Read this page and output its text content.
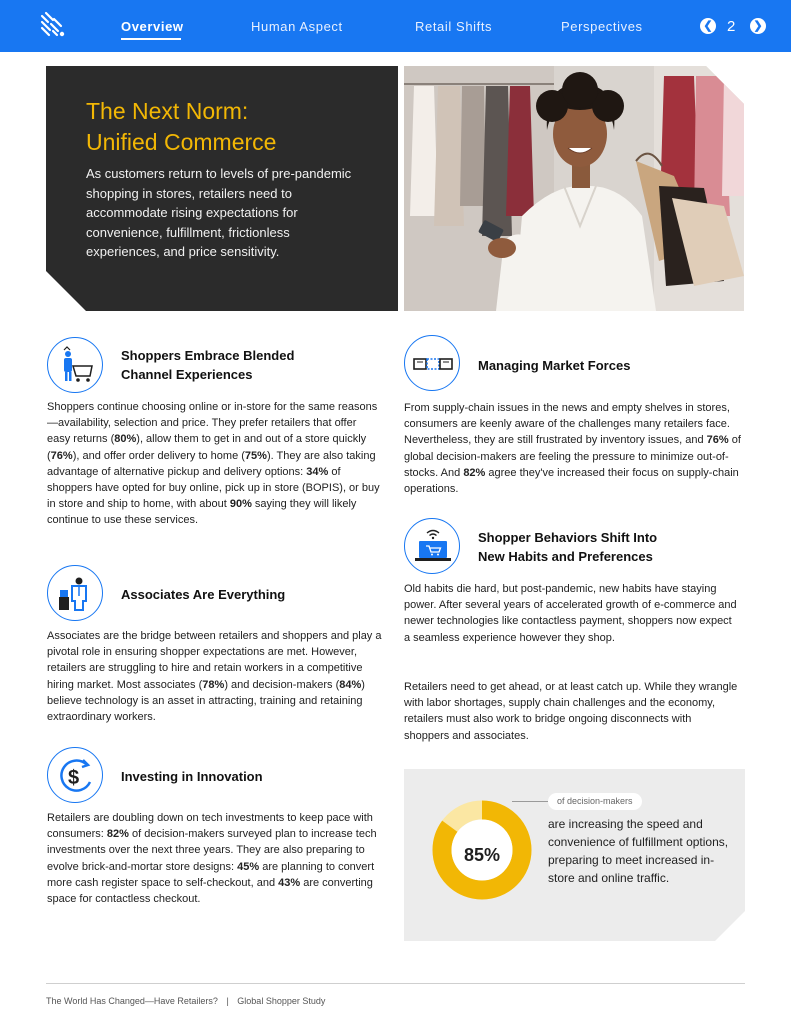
Overview	Human Aspect	Retail Shifts	Perspectives	❮ 2	❯
The Next Norm:
Unified Commerce

As customers return to levels of pre-pandemic shopping in stores, retailers need to accommodate rising expectations for convenience, fulfillment, frictionless experiences, and price sensitivity.

Shoppers Embrace Blended
Channel Experiences

Shoppers continue choosing online or in-store for the same reasons—availability, selection and price. They prefer retailers that offer easy returns (80%), allow them to get in and out of a store quickly (76%), and offer order delivery to home (75%). They are also taking advantage of alternative pickup and delivery options: 34% of shoppers have opted for buy online, pick up in store (BOPIS), or buy in store and ship to home, with about 90% saying they will likely continue to use these services.

Associates Are Everything

Associates are the bridge between retailers and shoppers and play a pivotal role in ensuring shopper expectations are met. However, retailers are struggling to hire and retain workers in a competitive hiring market. Most associates (78%) and decision-makers (84%) believe technology is an asset in attracting, training and retaining extraordinary workers.

$	Investing in Innovation

Retailers are doubling down on tech investments to keep pace with consumers: 82% of decision-makers surveyed plan to increase tech investments over the next three years. They are also preparing to evolve brick-and-mortar store designs: 45% are planning to convert more cash register space to self-checkout, and 43% are converting space for contactless checkout.

Managing Market Forces

From supply-chain issues in the news and empty shelves in stores, consumers are keenly aware of the challenges many retailers face. Nevertheless, they are still frustrated by inventory issues, and 76% of global decision-makers are feeling the pressure to minimize out-of-stocks. And 82% agree they've increased their focus on supply-chain operations.

Shopper Behaviors Shift Into
New Habits and Preferences

Old habits die hard, but post-pandemic, new habits have staying power. After several years of accelerated growth of e-commerce and newer technologies like contactless payment, shoppers now expect a seamless experience however they shop.

Retailers need to get ahead, or at least catch up. While they wrangle with labor shortages, supply chain challenges and the economy, retailers must also work to bridge ongoing disconnects with shoppers and associates.

of decision-makers
85%

are increasing the speed and convenience of fulfillment options, preparing to meet increased in-store and online traffic.

The World Has Changed—Have Retailers? | Global Shopper Study
